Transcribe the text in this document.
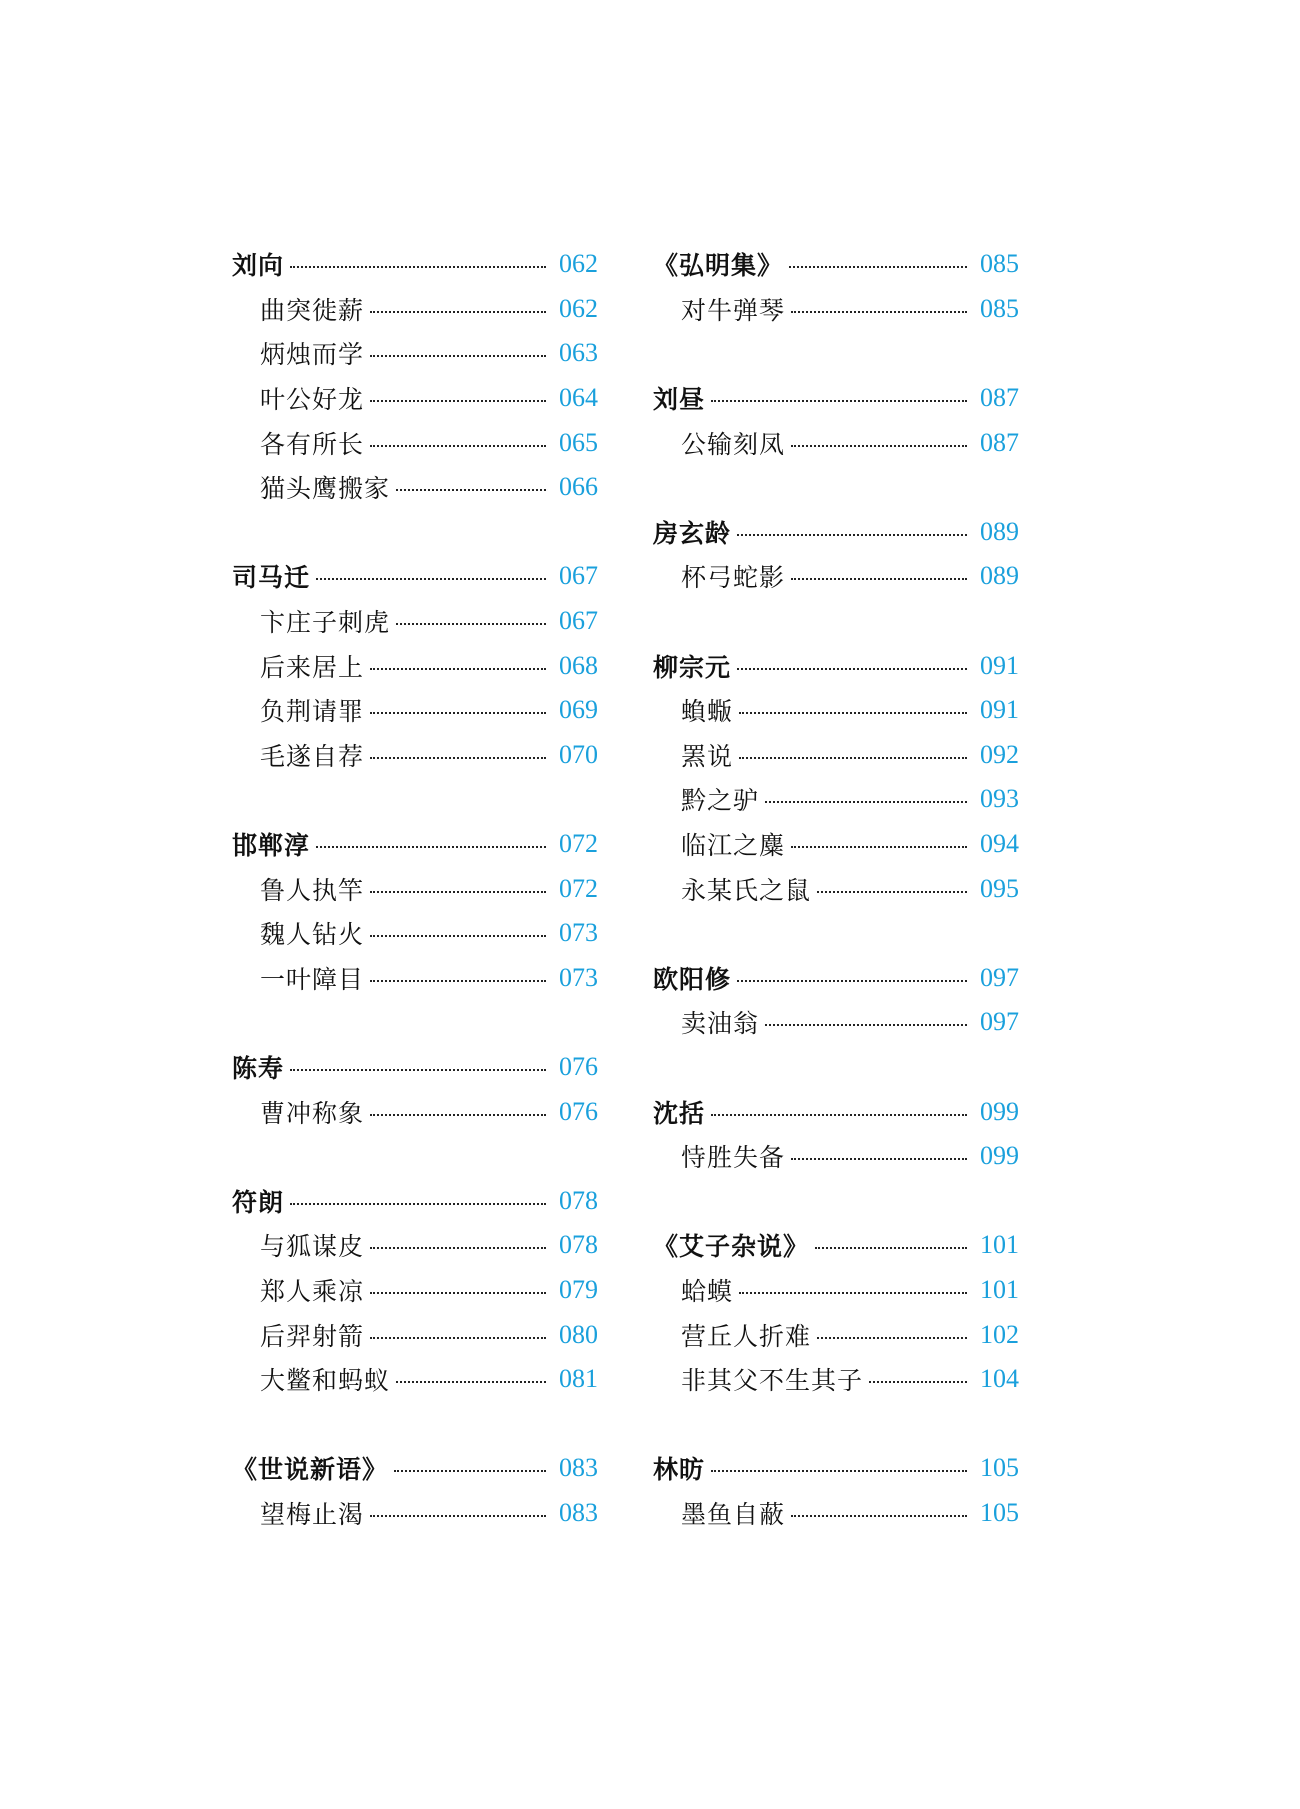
刘向	062
曲突徙薪	062
炳烛而学	063
叶公好龙	064
各有所长	065
猫头鹰搬家	066
司马迁	067
卞庄子刺虎	067
后来居上	068
负荆请罪	069
毛遂自荐	070
邯郸淳	072
鲁人执竿	072
魏人钻火	073
一叶障目	073
陈寿	076
曹冲称象	076
符朗	078
与狐谋皮	078
郑人乘凉	079
后羿射箭	080
大鳖和蚂蚁	081
《世说新语》	083
望梅止渴	083
《弘明集》	085
对牛弹琴	085
刘昼	087
公输刻凤	087
房玄龄	089
杯弓蛇影	089
柳宗元	091
蝜蝂	091
罴说	092
黔之驴	093
临江之麋	094
永某氏之鼠	095
欧阳修	097
卖油翁	097
沈括	099
恃胜失备	099
《艾子杂说》	101
蛤蟆	101
营丘人折难	102
非其父不生其子	104
林昉	105
墨鱼自蔽	105
